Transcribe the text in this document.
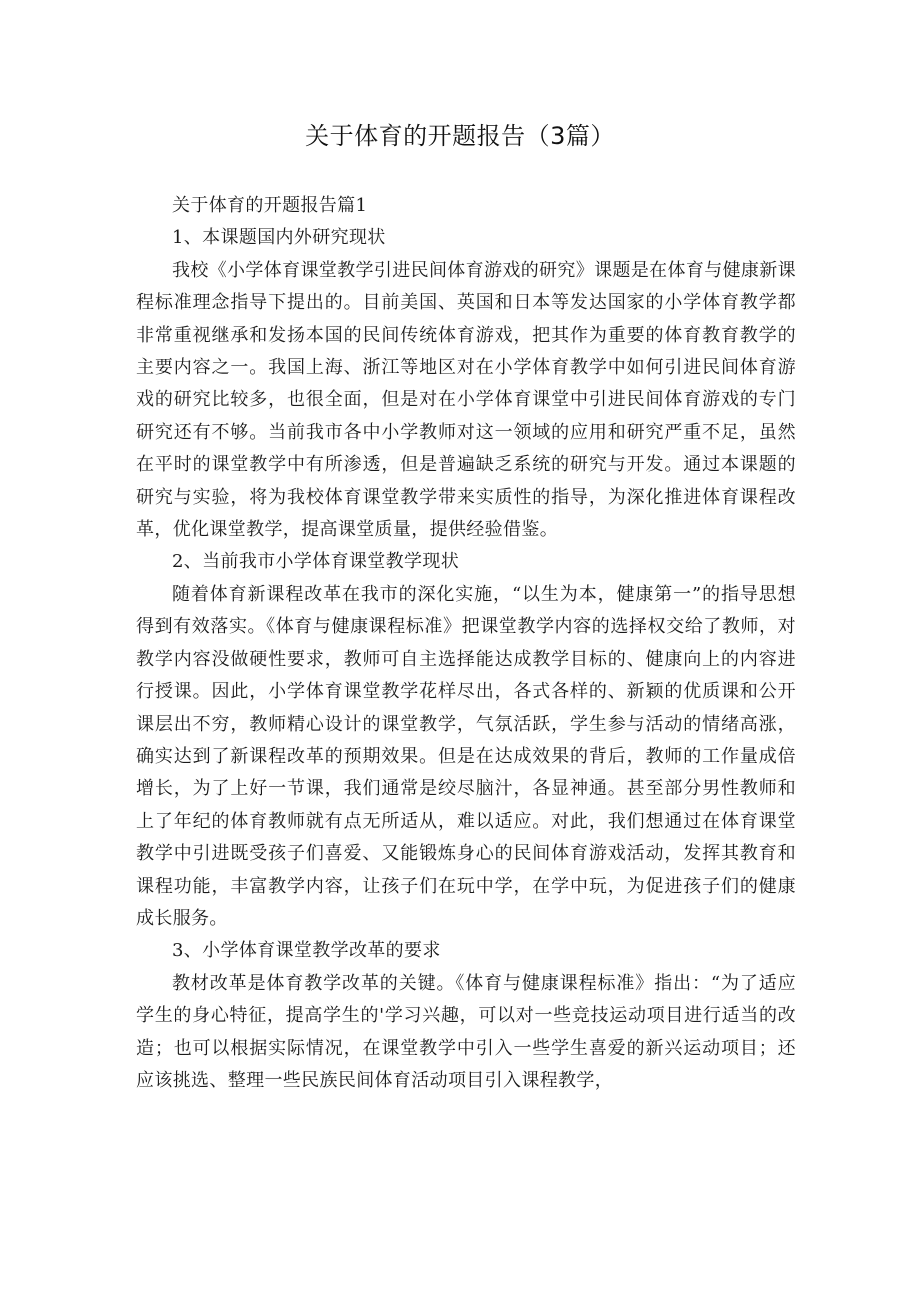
关于体育的开题报告（3篇）

关于体育的开题报告篇1

1、本课题国内外研究现状

我校《小学体育课堂教学引进民间体育游戏的研究》课题是在体育与健康新课程标准理念指导下提出的。目前美国、英国和日本等发达国家的小学体育教学都非常重视继承和发扬本国的民间传统体育游戏，把其作为重要的体育教育教学的主要内容之一。我国上海、浙江等地区对在小学体育教学中如何引进民间体育游戏的研究比较多，也很全面，但是对在小学体育课堂中引进民间体育游戏的专门研究还有不够。当前我市各中小学教师对这一领域的应用和研究严重不足，虽然在平时的课堂教学中有所渗透，但是普遍缺乏系统的研究与开发。通过本课题的研究与实验，将为我校体育课堂教学带来实质性的指导，为深化推进体育课程改革，优化课堂教学，提高课堂质量，提供经验借鉴。

2、当前我市小学体育课堂教学现状

随着体育新课程改革在我市的深化实施，“以生为本，健康第一”的指导思想得到有效落实。《体育与健康课程标准》把课堂教学内容的选择权交给了教师，对教学内容没做硬性要求，教师可自主选择能达成教学目标的、健康向上的内容进行授课。因此，小学体育课堂教学花样尽出，各式各样的、新颖的优质课和公开课层出不穷，教师精心设计的课堂教学，气氛活跃，学生参与活动的情绪高涨，确实达到了新课程改革的预期效果。但是在达成效果的背后，教师的工作量成倍增长，为了上好一节课，我们通常是绞尽脑汁，各显神通。甚至部分男性教师和上了年纪的体育教师就有点无所适从，难以适应。对此，我们想通过在体育课堂教学中引进既受孩子们喜爱、又能锻炼身心的民间体育游戏活动，发挥其教育和课程功能，丰富教学内容，让孩子们在玩中学，在学中玩，为促进孩子们的健康成长服务。

3、小学体育课堂教学改革的要求

教材改革是体育教学改革的关键。《体育与健康课程标准》指出：“为了适应学生的身心特征，提高学生的'学习兴趣，可以对一些竞技运动项目进行适当的改造；也可以根据实际情况，在课堂教学中引入一些学生喜爱的新兴运动项目；还应该挑选、整理一些民族民间体育活动项目引入课程教学，
